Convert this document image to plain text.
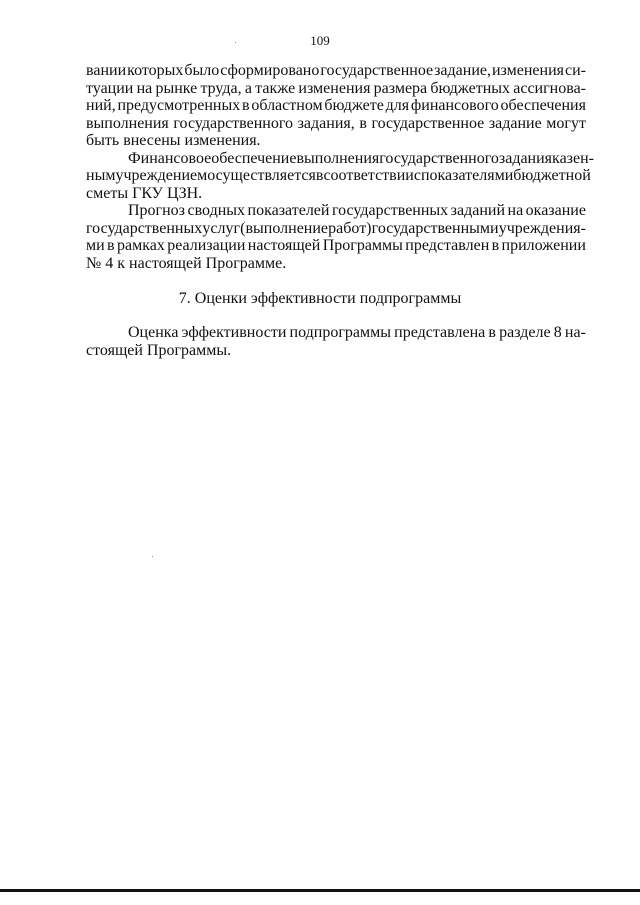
109
вании которых было сформировано государственное задание, изменения си-
туации на рынке труда, а также изменения размера бюджетных ассигнова-
ний, предусмотренных в областном бюджете для финансового обеспечения
выполнения государственного задания, в государственное задание могут
быть внесены изменения.
Финансовое обеспечение выполнения государственного задания казен-
ным учреждением осуществляется в соответствии с показателями бюджетной
сметы ГКУ ЦЗН.
Прогноз сводных показателей государственных заданий на оказание
государственных услуг (выполнение работ) государственными учреждения-
ми в рамках реализации настоящей Программы представлен в приложении
№ 4 к настоящей Программе.
7. Оценки эффективности подпрограммы
Оценка эффективности подпрограммы представлена в разделе 8 на-
стоящей Программы.
